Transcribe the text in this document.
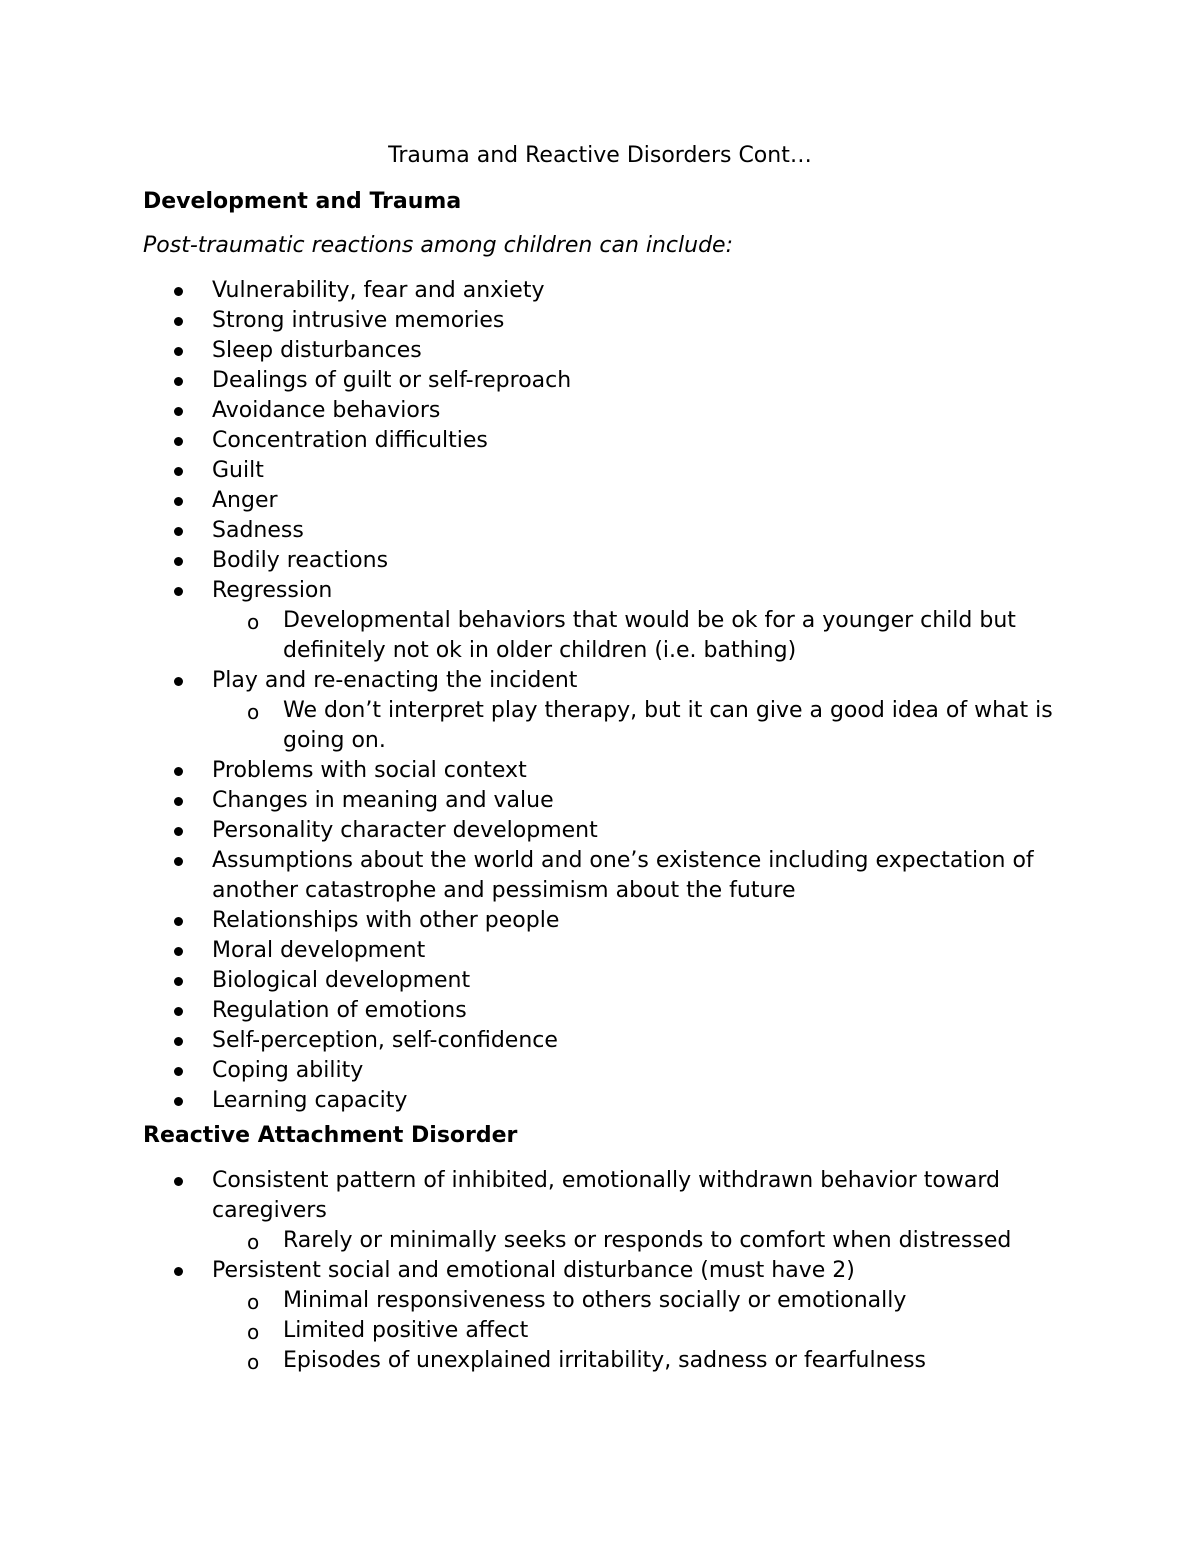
Trauma and Reactive Disorders Cont…
Development and Trauma
Post-traumatic reactions among children can include:
Vulnerability, fear and anxiety
Strong intrusive memories
Sleep disturbances
Dealings of guilt or self-reproach
Avoidance behaviors
Concentration difficulties
Guilt
Anger
Sadness
Bodily reactions
Regression
o Developmental behaviors that would be ok for a younger child but definitely not ok in older children (i.e. bathing)
Play and re-enacting the incident
o We don’t interpret play therapy, but it can give a good idea of what is going on.
Problems with social context
Changes in meaning and value
Personality character development
Assumptions about the world and one’s existence including expectation of another catastrophe and pessimism about the future
Relationships with other people
Moral development
Biological development
Regulation of emotions
Self-perception, self-confidence
Coping ability
Learning capacity
Reactive Attachment Disorder
Consistent pattern of inhibited, emotionally withdrawn behavior toward caregivers
o Rarely or minimally seeks or responds to comfort when distressed
Persistent social and emotional disturbance (must have 2)
o Minimal responsiveness to others socially or emotionally
o Limited positive affect
o Episodes of unexplained irritability, sadness or fearfulness
